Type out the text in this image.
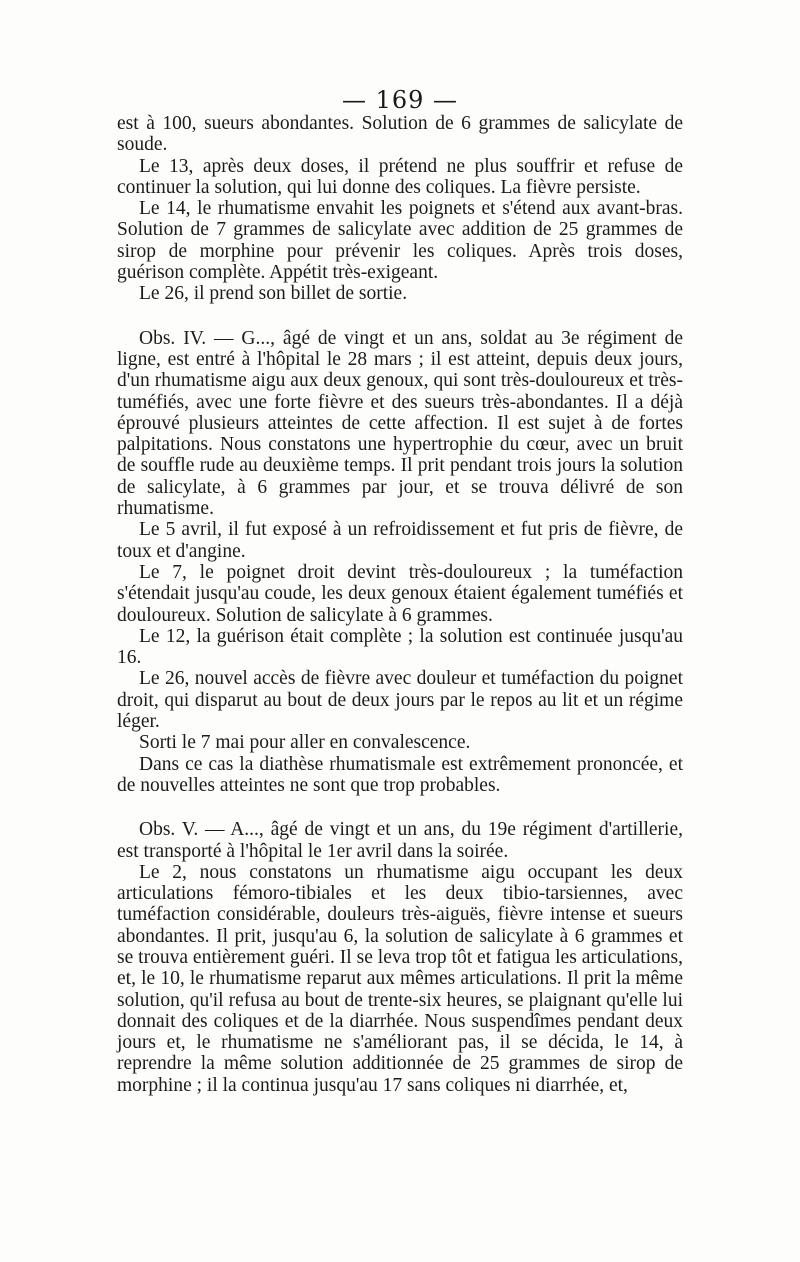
— 169 —

est à 100, sueurs abondantes. Solution de 6 grammes de salicylate de soude.

Le 13, après deux doses, il prétend ne plus souffrir et refuse de continuer la solution, qui lui donne des coliques. La fièvre persiste.

Le 14, le rhumatisme envahit les poignets et s'étend aux avant-bras. Solution de 7 grammes de salicylate avec addition de 25 grammes de sirop de morphine pour prévenir les coliques. Après trois doses, guérison complète. Appétit très-exigeant.

Le 26, il prend son billet de sortie.

Obs. IV. — G..., âgé de vingt et un ans, soldat au 3e régiment de ligne, est entré à l'hôpital le 28 mars ; il est atteint, depuis deux jours, d'un rhumatisme aigu aux deux genoux, qui sont très-douloureux et très-tuméfiés, avec une forte fièvre et des sueurs très-abondantes. Il a déjà éprouvé plusieurs atteintes de cette affection. Il est sujet à de fortes palpitations. Nous constatons une hypertrophie du cœur, avec un bruit de souffle rude au deuxième temps. Il prit pendant trois jours la solution de salicylate, à 6 grammes par jour, et se trouva délivré de son rhumatisme.

Le 5 avril, il fut exposé à un refroidissement et fut pris de fièvre, de toux et d'angine.

Le 7, le poignet droit devint très-douloureux ; la tuméfaction s'étendait jusqu'au coude, les deux genoux étaient également tuméfiés et douloureux. Solution de salicylate à 6 grammes.

Le 12, la guérison était complète ; la solution est continuée jusqu'au 16.

Le 26, nouvel accès de fièvre avec douleur et tuméfaction du poignet droit, qui disparut au bout de deux jours par le repos au lit et un régime léger.

Sorti le 7 mai pour aller en convalescence.

Dans ce cas la diathèse rhumatismale est extrêmement prononcée, et de nouvelles atteintes ne sont que trop probables.

Obs. V. — A..., âgé de vingt et un ans, du 19e régiment d'artillerie, est transporté à l'hôpital le 1er avril dans la soirée.

Le 2, nous constatons un rhumatisme aigu occupant les deux articulations fémoro-tibiales et les deux tibio-tarsiennes, avec tuméfaction considérable, douleurs très-aiguës, fièvre intense et sueurs abondantes. Il prit, jusqu'au 6, la solution de salicylate à 6 grammes et se trouva entièrement guéri. Il se leva trop tôt et fatigua les articulations, et, le 10, le rhumatisme reparut aux mêmes articulations. Il prit la même solution, qu'il refusa au bout de trente-six heures, se plaignant qu'elle lui donnait des coliques et de la diarrhée. Nous suspendîmes pendant deux jours et, le rhumatisme ne s'améliorant pas, il se décida, le 14, à reprendre la même solution additionnée de 25 grammes de sirop de morphine ; il la continua jusqu'au 17 sans coliques ni diarrhée, et,
